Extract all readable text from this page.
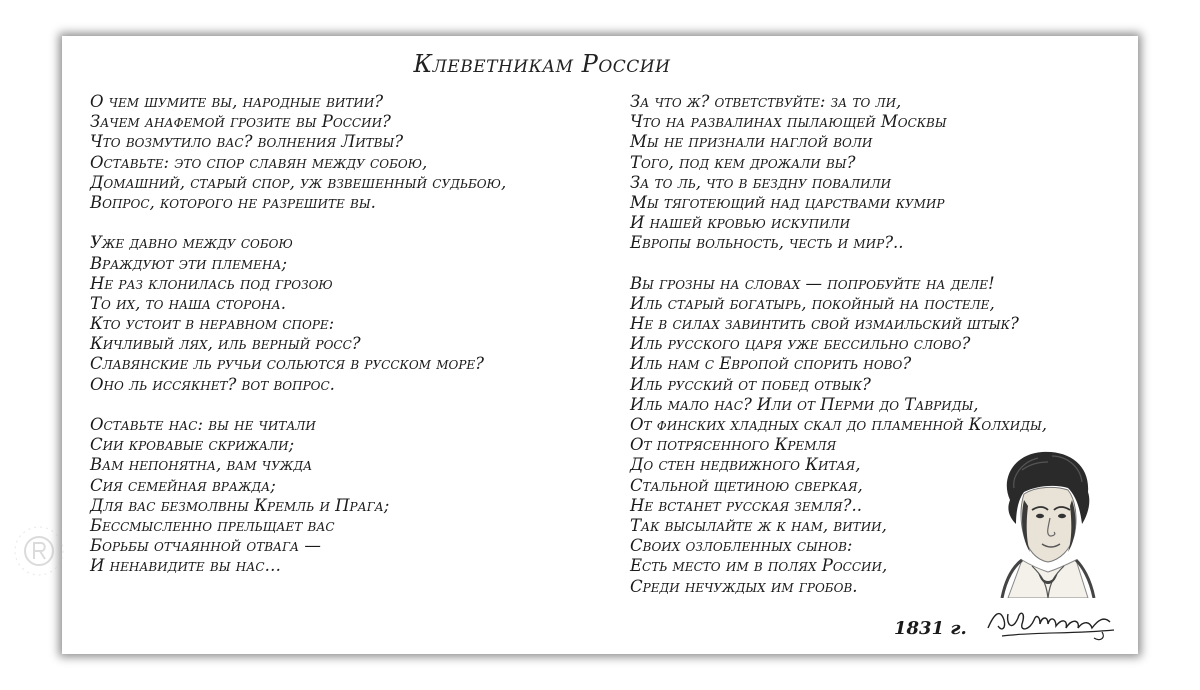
Клеветникам России
О чем шумите вы, народные витии?
Зачем анафемой грозите вы России?
Что возмутило вас? волнения Литвы?
Оставьте: это спор славян между собою,
Домашний, старый спор, уж взвешенный судьбою,
Вопрос, которого не разрешите вы.
Уже давно между собою
Враждуют эти племена;
Не раз клонилась под грозою
То их, то наша сторона.
Кто устоит в неравном споре:
Кичливый лях, иль верный росс?
Славянские ль ручьи сольются в русском море?
Оно ль иссякнет? вот вопрос.
Оставьте нас: вы не читали
Сии кровавые скрижали;
Вам непонятна, вам чужда
Сия семейная вражда;
Для вас безмолвны Кремль и Прага;
Бессмысленно прельщает вас
Борьбы отчаянной отвага —
И ненавидите вы нас…
За что ж? ответствуйте: за то ли,
Что на развалинах пылающей Москвы
Мы не признали наглой воли
Того, под кем дрожали вы?
За то ль, что в бездну повалили
Мы тяготеющий над царствами кумир
И нашей кровью искупили
Европы вольность, честь и мир?..
Вы грозны на словах — попробуйте на деле!
Иль старый богатырь, покойный на постеле,
Не в силах завинтить свой измаильский штык?
Иль русского царя уже бессильно слово?
Иль нам с Европой спорить ново?
Иль русский от побед отвык?
Иль мало нас? Или от Перми до Тавриды,
От финских хладных скал до пламенной Колхиды,
От потрясенного Кремля
До стен недвижного Китая,
Стальной щетиною сверкая,
Не встанет русская земля?..
Так высылайте ж к нам, витии,
Своих озлобленных сынов:
Есть место им в полях России,
Среди нечуждых им гробов.
1831 г.
